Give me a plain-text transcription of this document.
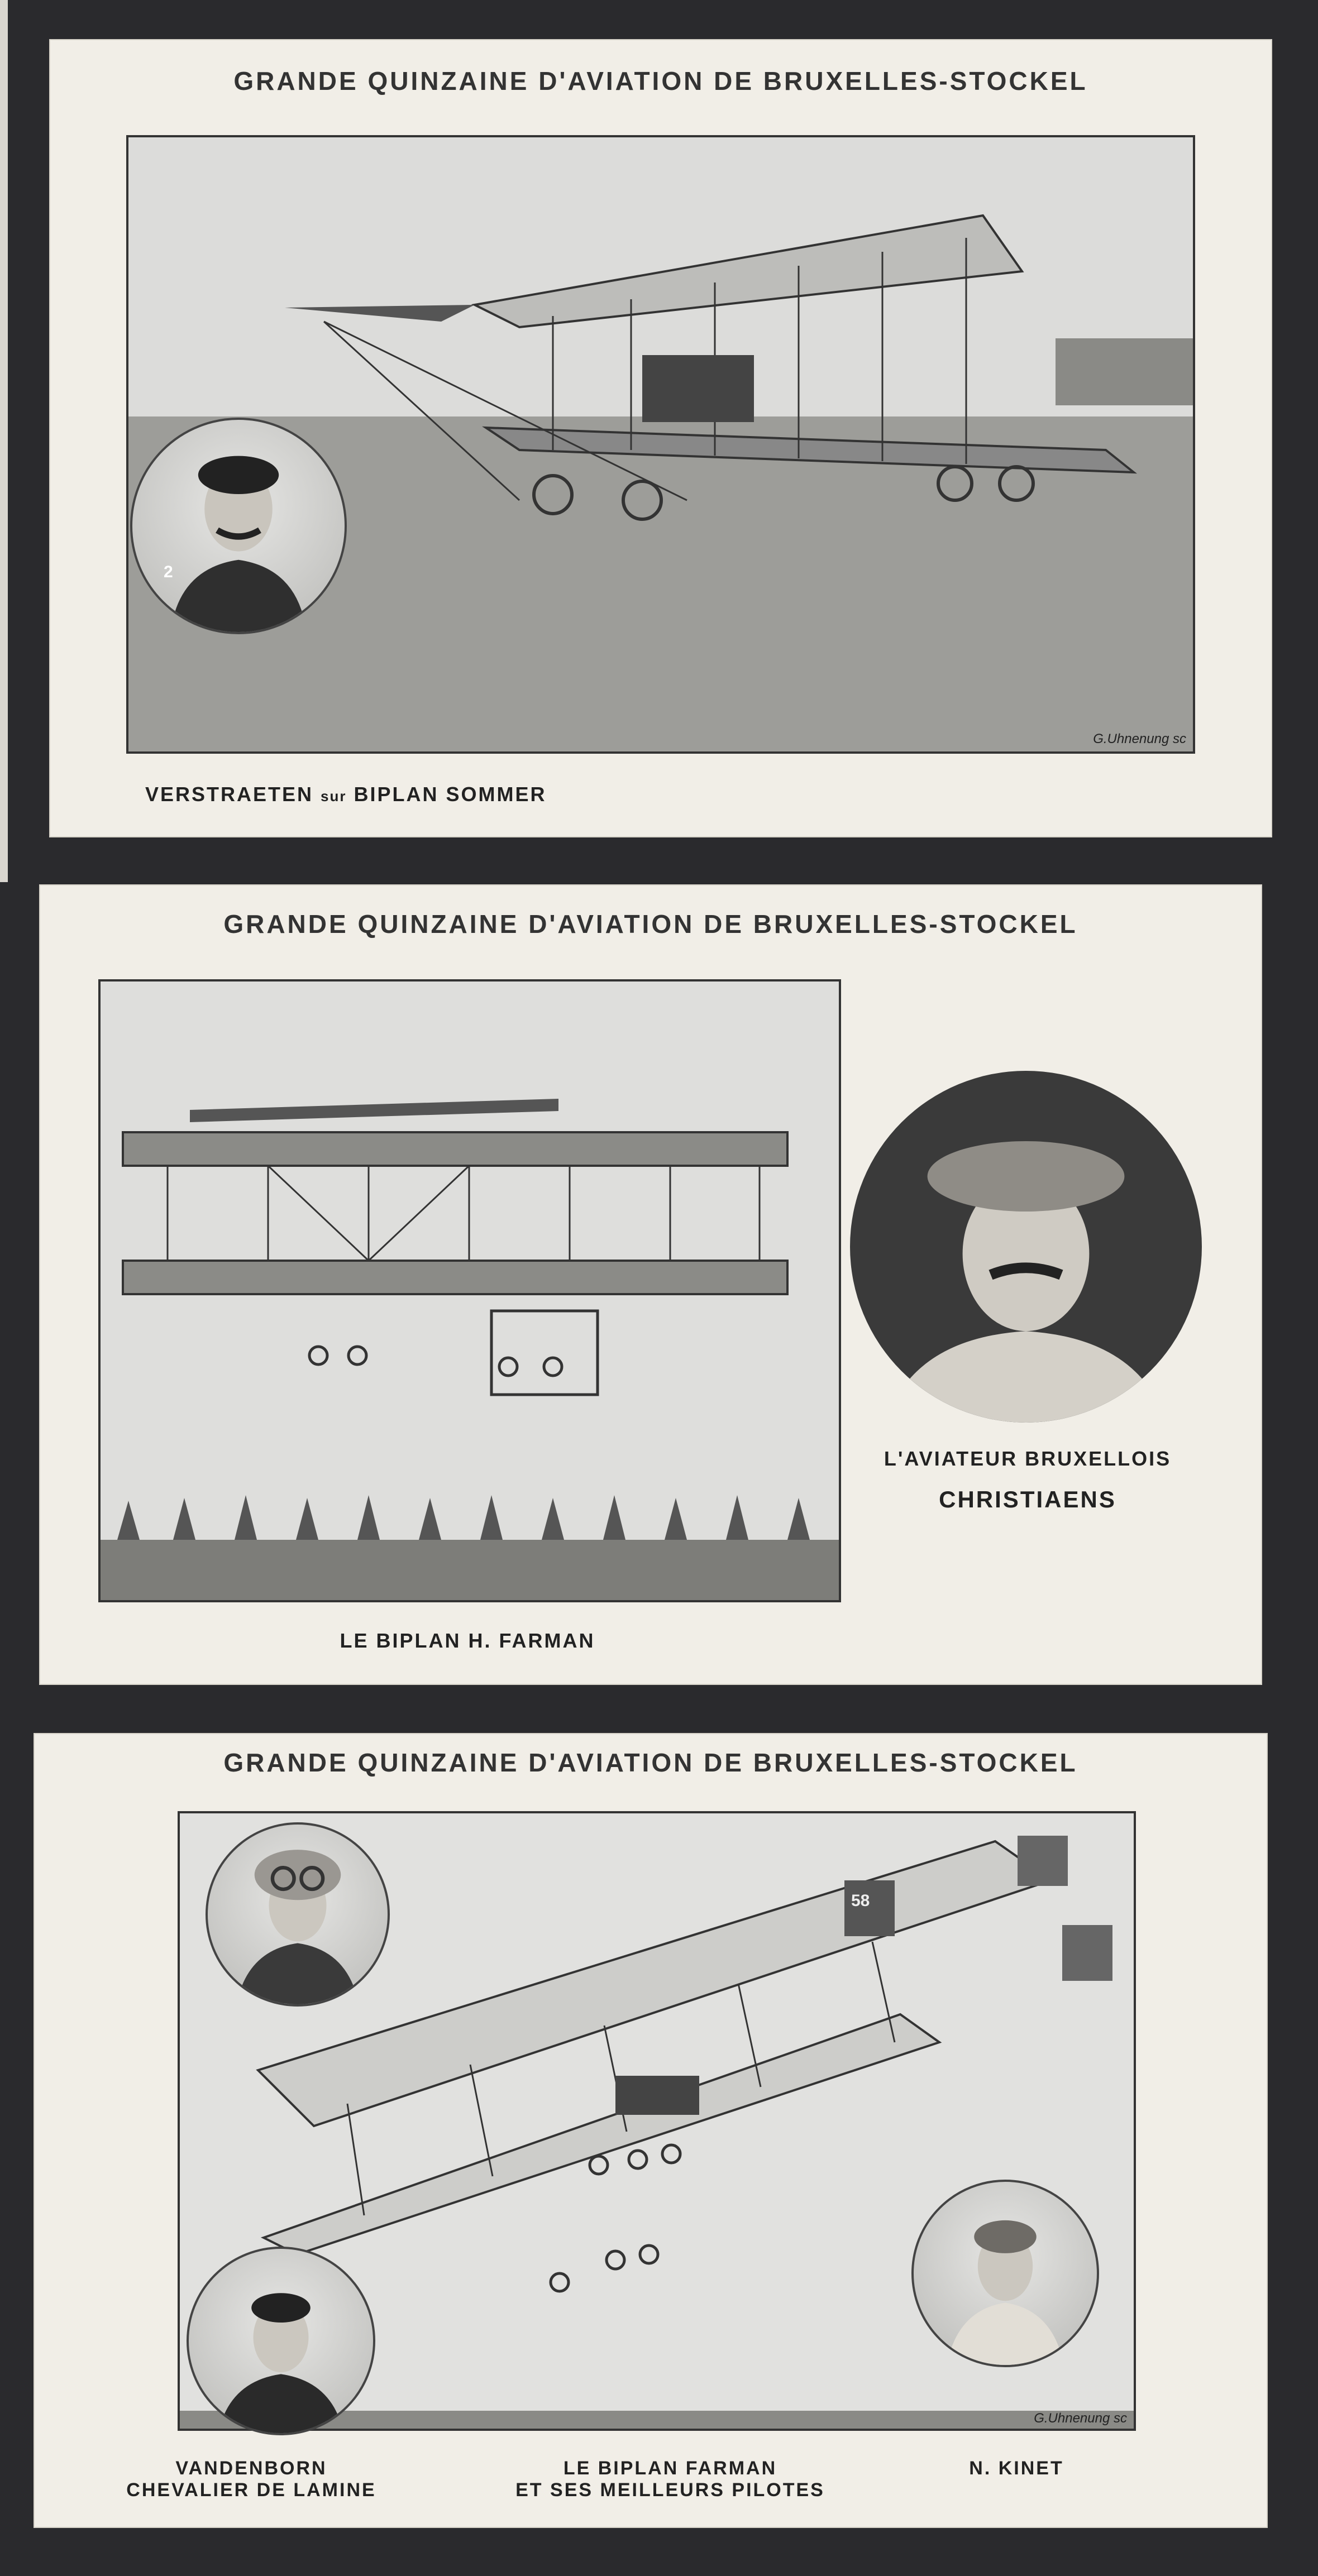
GRANDE QUINZAINE D'AVIATION DE BRUXELLES-STOCKEL
G.Uhnenung sc
2
VERSTRAETEN sur BIPLAN SOMMER
GRANDE QUINZAINE D'AVIATION DE BRUXELLES-STOCKEL
L'AVIATEUR BRUXELLOIS
CHRISTIAENS
LE BIPLAN H. FARMAN
GRANDE QUINZAINE D'AVIATION DE BRUXELLES-STOCKEL
58
G.Uhnenung sc
VANDENBORN
CHEVALIER DE LAMINE
LE BIPLAN FARMAN
ET SES MEILLEURS PILOTES
N. KINET
